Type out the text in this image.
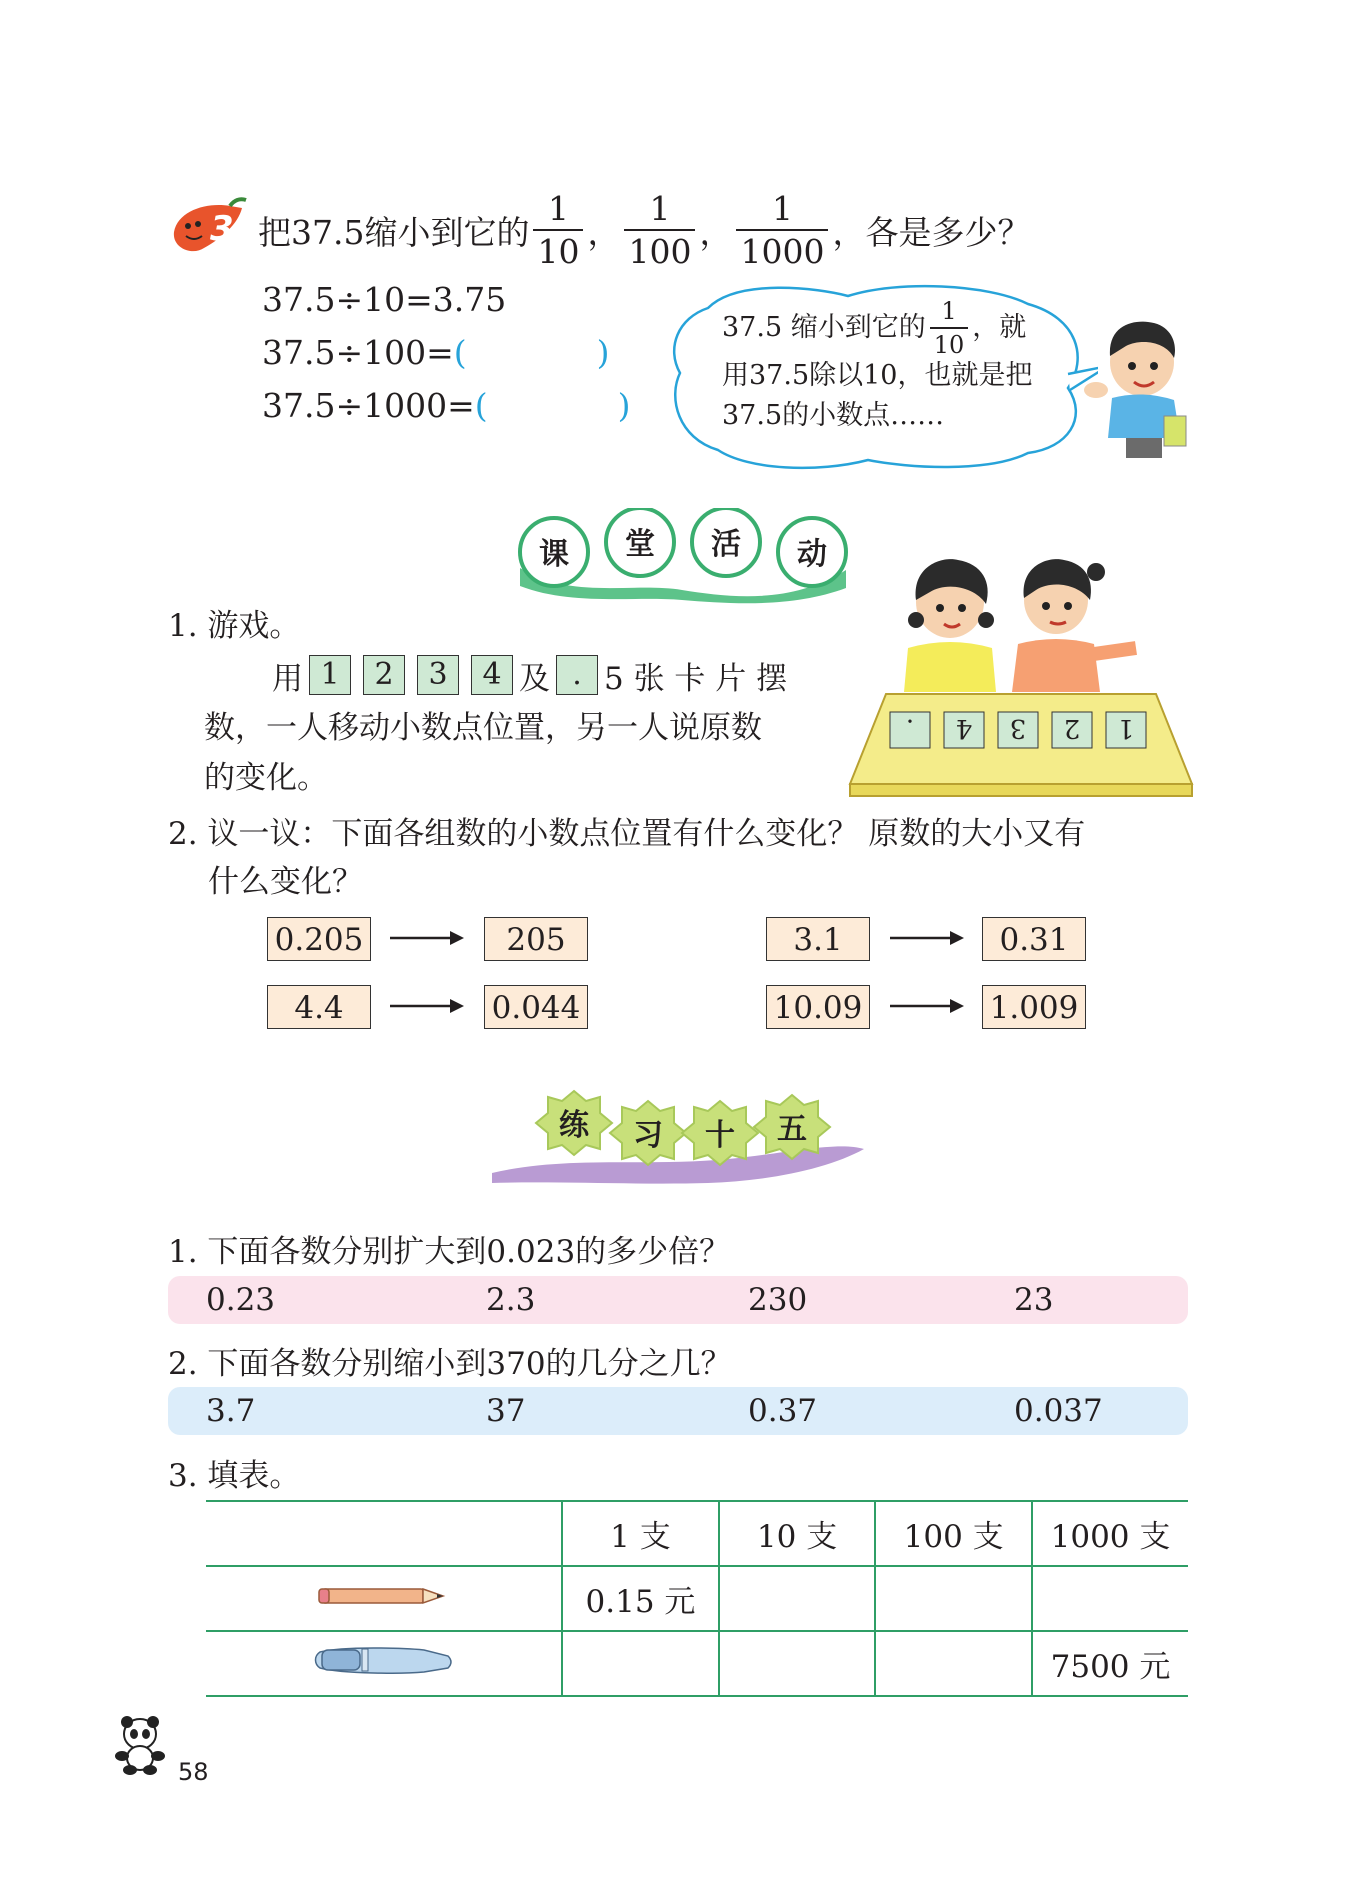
3 把37.5缩小到它的 $\frac{1}{10}$ ， $\frac{1}{100}$ ， $\frac{1}{1000}$ ，各是多少？
37.5÷10=3.75
37.5÷100=(	)
37.5÷1000=(	)
37.5 缩小到它的 $\frac{1}{10}$ ，就
用37.5除以10，也就是把
37.5的小数点……
课 堂 活 动
1. 游戏。
用 1	2	3	4 及 . 5 张 卡 片 摆
数，一人移动小数点位置，另一人说原数
的变化。
. 4 3 2 1
2. 议一议：下面各组数的小数点位置有什么变化？ 原数的大小又有
什么变化？
0.205	205
4.4	0.044
3.1	0.31
10.09	1.009
练 习 十 五
1. 下面各数分别扩大到0.023的多少倍？
0.23	2.3	230	23
2. 下面各数分别缩小到370的几分之几？
3.7	37	0.37	0.037
3. 填表。
	1 支	10 支	100 支	1000 支
	0.15 元			
				7500 元
58
